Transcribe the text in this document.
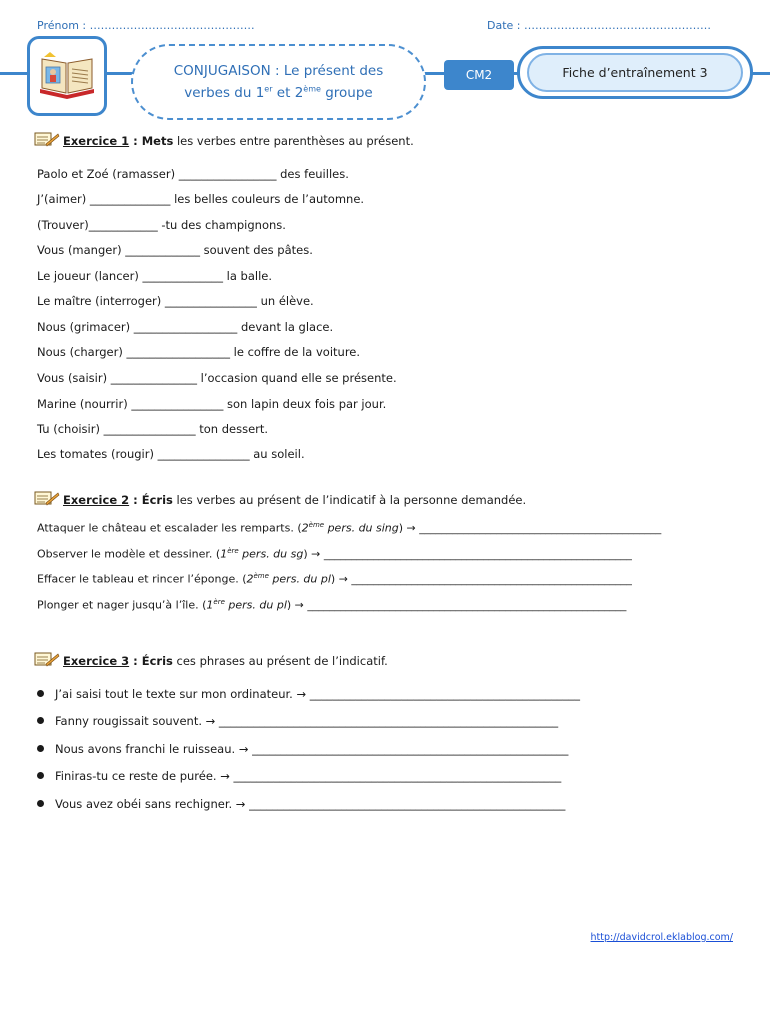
Prénom : ………………………………………	Date : ……………………………………………
CONJUGAISON : Le présent des
verbes du 1er et 2ème groupe
CM2	Fiche d’entraînement 3
Exercice 1 : Mets les verbes entre parenthèses au présent.
Paolo et Zoé (ramasser) _________________ des feuilles.
J’(aimer) ______________ les belles couleurs de l’automne.
(Trouver)____________ -tu des champignons.
Vous (manger) _____________ souvent des pâtes.
Le joueur (lancer) ______________ la balle.
Le maître (interroger) ________________ un élève.
Nous (grimacer) __________________ devant la glace.
Nous (charger) __________________ le coffre de la voiture.
Vous (saisir) _______________ l’occasion quand elle se présente.
Marine (nourrir) ________________ son lapin deux fois par jour.
Tu (choisir) ________________ ton dessert.
Les tomates (rougir) ________________ au soleil.
Exercice 2 : Écris les verbes au présent de l’indicatif à la personne demandée.
Attaquer le château et escalader les remparts. (2ème pers. du sing) → ____________________________________________
Observer le modèle et dessiner. (1ère pers. du sg) → ________________________________________________________
Effacer le tableau et rincer l’éponge. (2ème pers. du pl) → ___________________________________________________
Plonger et nager jusqu’à l’île. (1ère pers. du pl) → __________________________________________________________
Exercice 3 : Écris ces phrases au présent de l’indicatif.
J’ai saisi tout le texte sur mon ordinateur. → _______________________________________________
Fanny rougissait souvent. → ___________________________________________________________
Nous avons franchi le ruisseau. → _______________________________________________________
Finiras-tu ce reste de purée. → _________________________________________________________
Vous avez obéi sans rechigner. → _______________________________________________________
http://davidcrol.eklablog.com/
